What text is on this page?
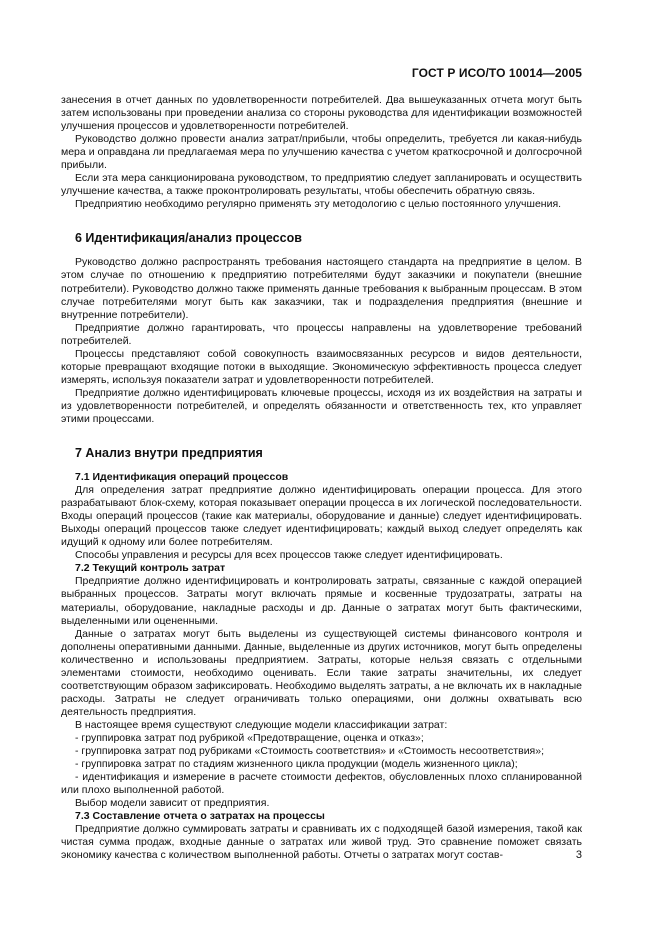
ГОСТ Р ИСО/ТО 10014—2005

занесения в отчет данных по удовлетворенности потребителей. Два вышеуказанных отчета могут быть затем использованы при проведении анализа со стороны руководства для идентификации возможностей улучшения процессов и удовлетворенности потребителей.

Руководство должно провести анализ затрат/прибыли, чтобы определить, требуется ли какая-нибудь мера и оправдана ли предлагаемая мера по улучшению качества с учетом краткосрочной и долгосрочной прибыли.

Если эта мера санкционирована руководством, то предприятию следует запланировать и осуществить улучшение качества, а также проконтролировать результаты, чтобы обеспечить обратную связь.

Предприятию необходимо регулярно применять эту методологию с целью постоянного улучшения.

6 Идентификация/анализ процессов

Руководство должно распространять требования настоящего стандарта на предприятие в целом. В этом случае по отношению к предприятию потребителями будут заказчики и покупатели (внешние потребители). Руководство должно также применять данные требования к выбранным процессам. В этом случае потребителями могут быть как заказчики, так и подразделения предприятия (внешние и внутренние потребители).

Предприятие должно гарантировать, что процессы направлены на удовлетворение требований потребителей.

Процессы представляют собой совокупность взаимосвязанных ресурсов и видов деятельности, которые превращают входящие потоки в выходящие. Экономическую эффективность процесса следует измерять, используя показатели затрат и удовлетворенности потребителей.

Предприятие должно идентифицировать ключевые процессы, исходя из их воздействия на затраты и из удовлетворенности потребителей, и определять обязанности и ответственность тех, кто управляет этими процессами.

7 Анализ внутри предприятия
7.1 Идентификация операций процессов

Для определения затрат предприятие должно идентифицировать операции процесса. Для этого разрабатывают блок-схему, которая показывает операции процесса в их логической последовательности. Входы операций процессов (такие как материалы, оборудование и данные) следует идентифицировать. Выходы операций процессов также следует идентифицировать; каждый выход следует определять как идущий к одному или более потребителям.

Способы управления и ресурсы для всех процессов также следует идентифицировать.

7.2 Текущий контроль затрат

Предприятие должно идентифицировать и контролировать затраты, связанные с каждой операцией выбранных процессов. Затраты могут включать прямые и косвенные трудозатраты, затраты на материалы, оборудование, накладные расходы и др. Данные о затратах могут быть фактическими, выделенными или оцененными.

Данные о затратах могут быть выделены из существующей системы финансового контроля и дополнены оперативными данными. Данные, выделенные из других источников, могут быть определены количественно и использованы предприятием. Затраты, которые нельзя связать с отдельными элементами стоимости, необходимо оценивать. Если такие затраты значительны, их следует соответствующим образом зафиксировать. Необходимо выделять затраты, а не включать их в накладные расходы. Затраты не следует ограничивать только операциями, они должны охватывать всю деятельность предприятия.

В настоящее время существуют следующие модели классификации затрат:

- группировка затрат под рубрикой «Предотвращение, оценка и отказ»;

- группировка затрат под рубриками «Стоимость соответствия» и «Стоимость несоответствия»;

- группировка затрат по стадиям жизненного цикла продукции (модель жизненного цикла);

- идентификация и измерение в расчете стоимости дефектов, обусловленных плохо спланированной или плохо выполненной работой.

Выбор модели зависит от предприятия.

7.3 Составление отчета о затратах на процессы

Предприятие должно суммировать затраты и сравнивать их с подходящей базой измерения, такой как чистая сумма продаж, входные данные о затратах или живой труд. Это сравнение поможет связать экономику качества с количеством выполненной работы. Отчеты о затратах могут состав-	3
